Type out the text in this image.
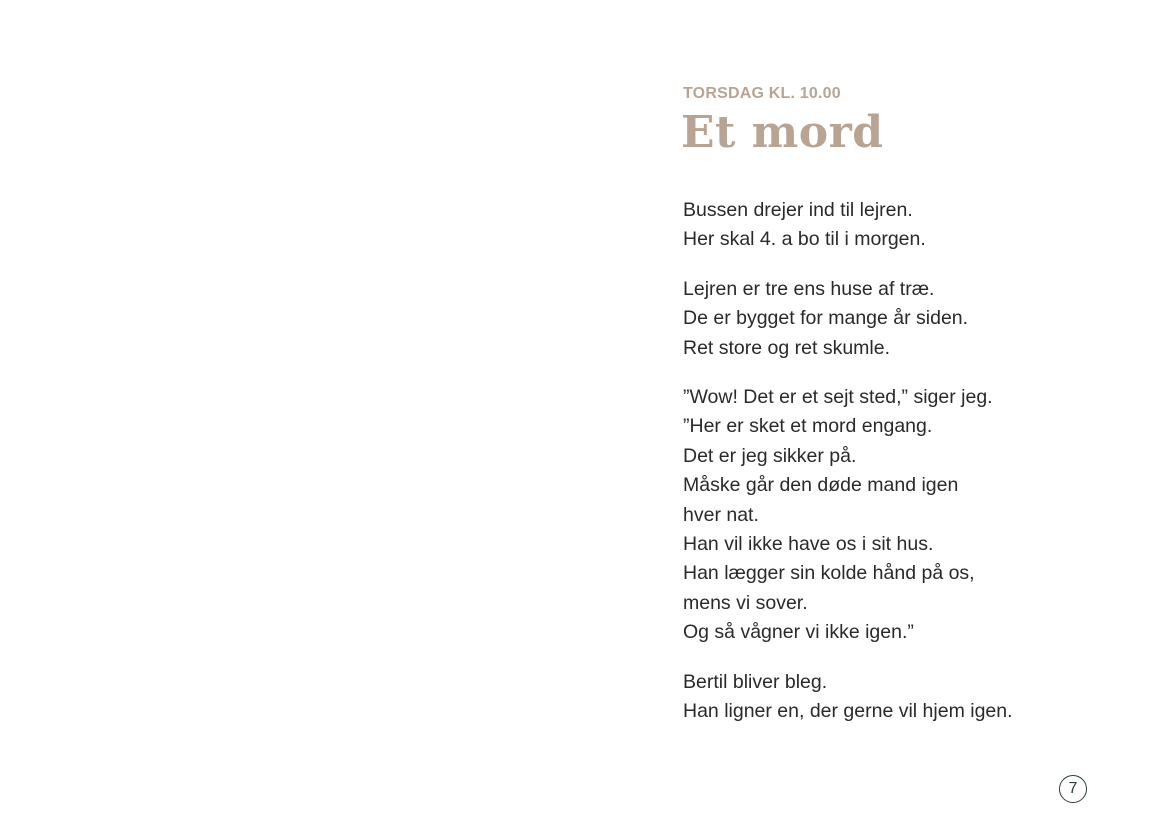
TORSDAG KL. 10.00

Et mord

Bussen drejer ind til lejren.
Her skal 4. a bo til i morgen.

Lejren er tre ens huse af træ.
De er bygget for mange år siden.
Ret store og ret skumle.

”Wow! Det er et sejt sted,” siger jeg.
”Her er sket et mord engang.
Det er jeg sikker på.
Måske går den døde mand igen
hver nat.
Han vil ikke have os i sit hus.
Han lægger sin kolde hånd på os,
mens vi sover.
Og så vågner vi ikke igen.”

Bertil bliver bleg.
Han ligner en, der gerne vil hjem igen.

7
